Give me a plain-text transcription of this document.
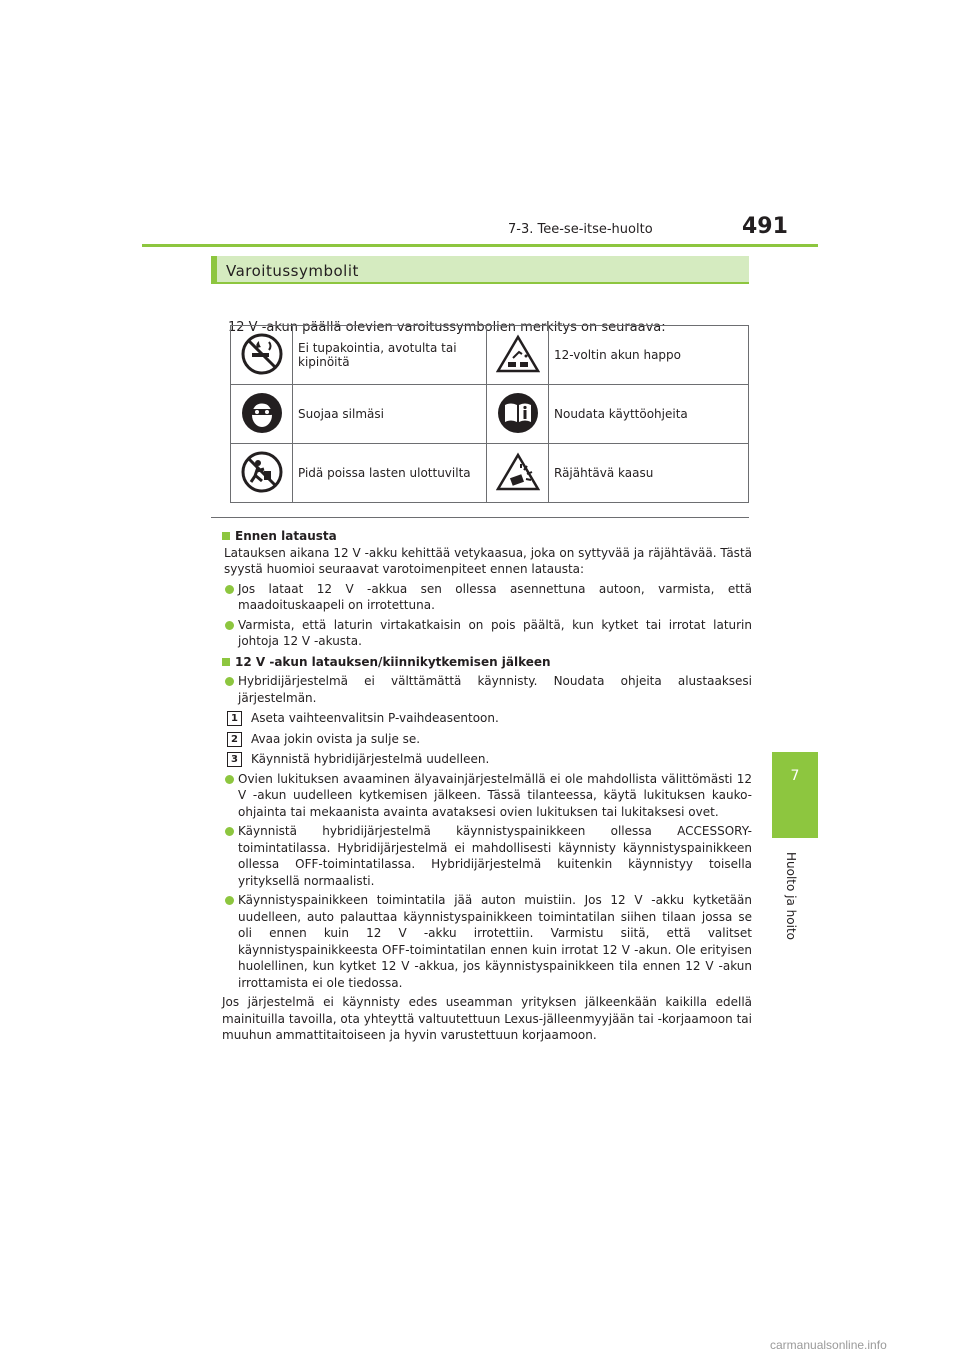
7-3. Tee-se-itse-huolto	491
7
Huolto ja hoito
Varoitussymbolit
12 V -akun päällä olevien varoitussymbolien merkitys on seuraava:
	Ei tupakointia, avotulta tai kipinöitä		12-voltin akun happo
	Suojaa silmäsi		Noudata käyttöohjeita
	Pidä poissa lasten ulottuvilta		Räjähtävä kaasu

Ennen latausta

Latauksen aikana 12 V -akku kehittää vetykaasua, joka on syttyvää ja räjähtävää. Tästä syystä huomioi seuraavat varotoimenpiteet ennen latausta:

Jos lataat 12 V -akkua sen ollessa asennettuna autoon, varmista, että maadoituskaapeli on irrotettuna.

Varmista, että laturin virtakatkaisin on pois päältä, kun kytket tai irrotat laturin johtoja 12 V -akusta.

12 V -akun latauksen/kiinnikytkemisen jälkeen

Hybridijärjestelmä ei välttämättä käynnisty. Noudata ohjeita alustaaksesi järjestelmän.

1	Aseta vaihteenvalitsin P-vaihdeasentoon.

2	Avaa jokin ovista ja sulje se.

3	Käynnistä hybridijärjestelmä uudelleen.

Ovien lukituksen avaaminen älyavainjärjestelmällä ei ole mahdollista välittömästi 12 V -akun uudelleen kytkemisen jälkeen. Tässä tilanteessa, käytä lukituksen kauko-ohjainta tai mekaanista avainta avataksesi ovien lukituksen tai lukitaksesi ovet.

Käynnistä hybridijärjestelmä käynnistyspainikkeen ollessa ACCESSORY-toimintatilassa. Hybridijärjestelmä ei mahdollisesti käynnisty käynnistyspainikkeen ollessa OFF-toimintatilassa. Hybridijärjestelmä kuitenkin käynnistyy toisella yrityksellä normaalisti.

Käynnistyspainikkeen toimintatila jää auton muistiin. Jos 12 V -akku kytketään uudelleen, auto palauttaa käynnistyspainikkeen toimintatilan siihen tilaan jossa se oli ennen kuin 12 V -akku irrotettiin. Varmistu siitä, että valitset käynnistyspainikkeesta OFF-toimintatilan ennen kuin irrotat 12 V -akun. Ole erityisen huolellinen, kun kytket 12 V -akkua, jos käynnistyspainikkeen tila ennen 12 V -akun irrottamista ei ole tiedossa.

Jos järjestelmä ei käynnisty edes useamman yrityksen jälkeenkään kaikilla edellä mainituilla tavoilla, ota yhteyttä valtuutettuun Lexus-jälleenmyyjään tai -korjaamoon tai muuhun ammattitaitoiseen ja hyvin varustettuun korjaamoon.

carmanualsonline.info
